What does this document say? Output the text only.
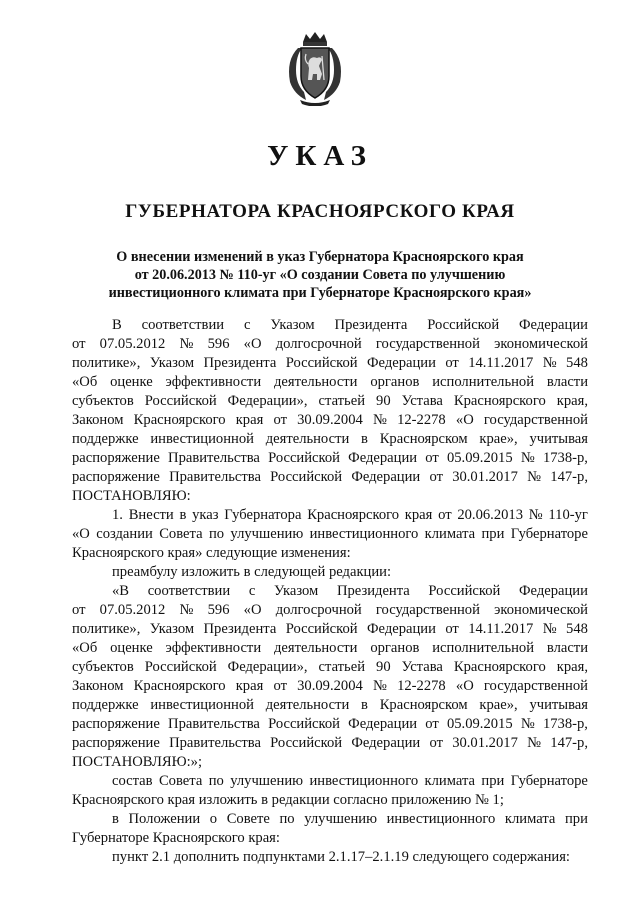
УКАЗ
ГУБЕРНАТОРА КРАСНОЯРСКОГО КРАЯ
О внесении изменений в указ Губернатора Красноярского края
от 20.06.2013 № 110-уг «О создании Совета по улучшению
инвестиционного климата при Губернаторе Красноярского края»
В соответствии с Указом Президента Российской Федерации
от 07.05.2012 № 596 «О долгосрочной государственной экономической
политике», Указом Президента Российской Федерации от 14.11.2017 № 548
«Об оценке эффективности деятельности органов исполнительной власти
субъектов Российской Федерации», статьей 90 Устава Красноярского края,
Законом Красноярского края от 30.09.2004 № 12-2278 «О государственной
поддержке инвестиционной деятельности в Красноярском крае», учитывая
распоряжение Правительства Российской Федерации от 05.09.2015 № 1738-р,
распоряжение Правительства Российской Федерации от 30.01.2017 № 147-р,
ПОСТАНОВЛЯЮ:
1. Внести в указ Губернатора Красноярского края от 20.06.2013 № 110-уг
«О создании Совета по улучшению инвестиционного климата при Губернаторе
Красноярского края» следующие изменения:
преамбулу изложить в следующей редакции:
«В соответствии с Указом Президента Российской Федерации
от 07.05.2012 № 596 «О долгосрочной государственной экономической
политике», Указом Президента Российской Федерации от 14.11.2017 № 548
«Об оценке эффективности деятельности органов исполнительной власти
субъектов Российской Федерации», статьей 90 Устава Красноярского края,
Законом Красноярского края от 30.09.2004 № 12-2278 «О государственной
поддержке инвестиционной деятельности в Красноярском крае», учитывая
распоряжение Правительства Российской Федерации от 05.09.2015 № 1738-р,
распоряжение Правительства Российской Федерации от 30.01.2017 № 147-р,
ПОСТАНОВЛЯЮ:»;
состав Совета по улучшению инвестиционного климата при Губернаторе
Красноярского края изложить в редакции согласно приложению № 1;
в Положении о Совете по улучшению инвестиционного климата при
Губернаторе Красноярского края:
пункт 2.1 дополнить подпунктами 2.1.17–2.1.19 следующего содержания:
